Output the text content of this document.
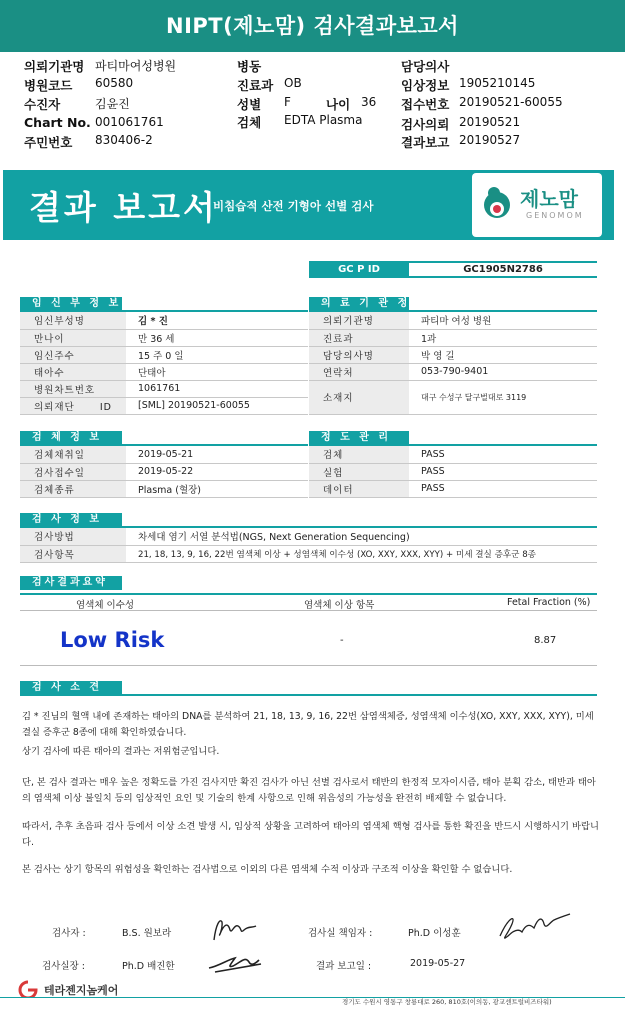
NIPT(제노맘) 검사결과보고서
의뢰기관명 파티마여성병원
병원코드 60580
수진자	김윤진
Chart No. 001061761
주민번호 830406-2
병동
진료과 OB
성별 F	나이 36
검체 EDTA Plasma
담당의사
임상정보 1905210145
접수번호 20190521-60055
검사의뢰 20190521
결과보고 20190527
결과 보고서
비침습적 산전 기형아 선별 검사	제노맘
GENOMOM
GC P ID	GC1905N2786
임 신 부 정 보
임신부성명	김 * 진
만나이	만 36 세
임신주수	15 주 0 일
태아수	단태아
병원차트번호	1061761
의뢰재단 ID	[SML] 20190521-60055
의 료 기 관 정 보
의뢰기관명	파티마 여성 병원
진료과	1과
담당의사명	박 영 길
연락처	053-790-9401
소재지	대구 수성구 달구벌대로 3119
검 체 정 보
검체채취일	2019-05-21
검사접수일	2019-05-22
검체종류	Plasma (혈장)
정 도 관 리
검체	PASS
실험	PASS
데이터	PASS
검 사 정 보
검사방법	차세대 염기 서열 분석법(NGS, Next Generation Sequencing)
검사항목	21, 18, 13, 9, 16, 22번 염색체 이상 + 성염색체 이수성 (XO, XXY, XXX, XYY) + 미세 결실 증후군 8종
검사결과요약
염색체 이수성	염색체 이상 항목	Fetal Fraction (%)
Low Risk	-	8.87
검 사 소 견

김 * 진님의 혈액 내에 존재하는 태아의 DNA를 분석하여 21, 18, 13, 9, 16, 22번 삼염색체증, 성염색체 이수성(XO, XXY, XXX, XYY), 미세 결실 증후군 8종에 대해 확인하였습니다.

상기 검사에 따른 태아의 결과는 저위험군입니다.

단, 본 검사 결과는 매우 높은 정확도를 가진 검사지만 확진 검사가 아닌 선별 검사로서 태반의 한정적 모자이시즘, 태아 분획 감소, 태반과 태아의 염색체 이상 불일치 등의 임상적인 요인 및 기술의 한계 사항으로 인해 위음성의 가능성을 완전히 배제할 수 없습니다.

따라서, 추후 초음파 검사 등에서 이상 소견 발생 시, 임상적 상황을 고려하여 태아의 염색체 핵형 검사를 통한 확진을 반드시 시행하시기 바랍니다.

본 검사는 상기 항목의 위험성을 확인하는 검사법으로 이외의 다른 염색체 수적 이상과 구조적 이상을 확인할 수 없습니다.

검사자 :	B.S. 원보라	검사실 책임자 :	Ph.D 이성훈
검사실장 :	Ph.D 배진한	결과 보고일 :	2019-05-27
테라젠지놈케어
경기도 수원시 영통구 창룡대로 260, 810호(이의동, 광교센트럴비즈타워)
